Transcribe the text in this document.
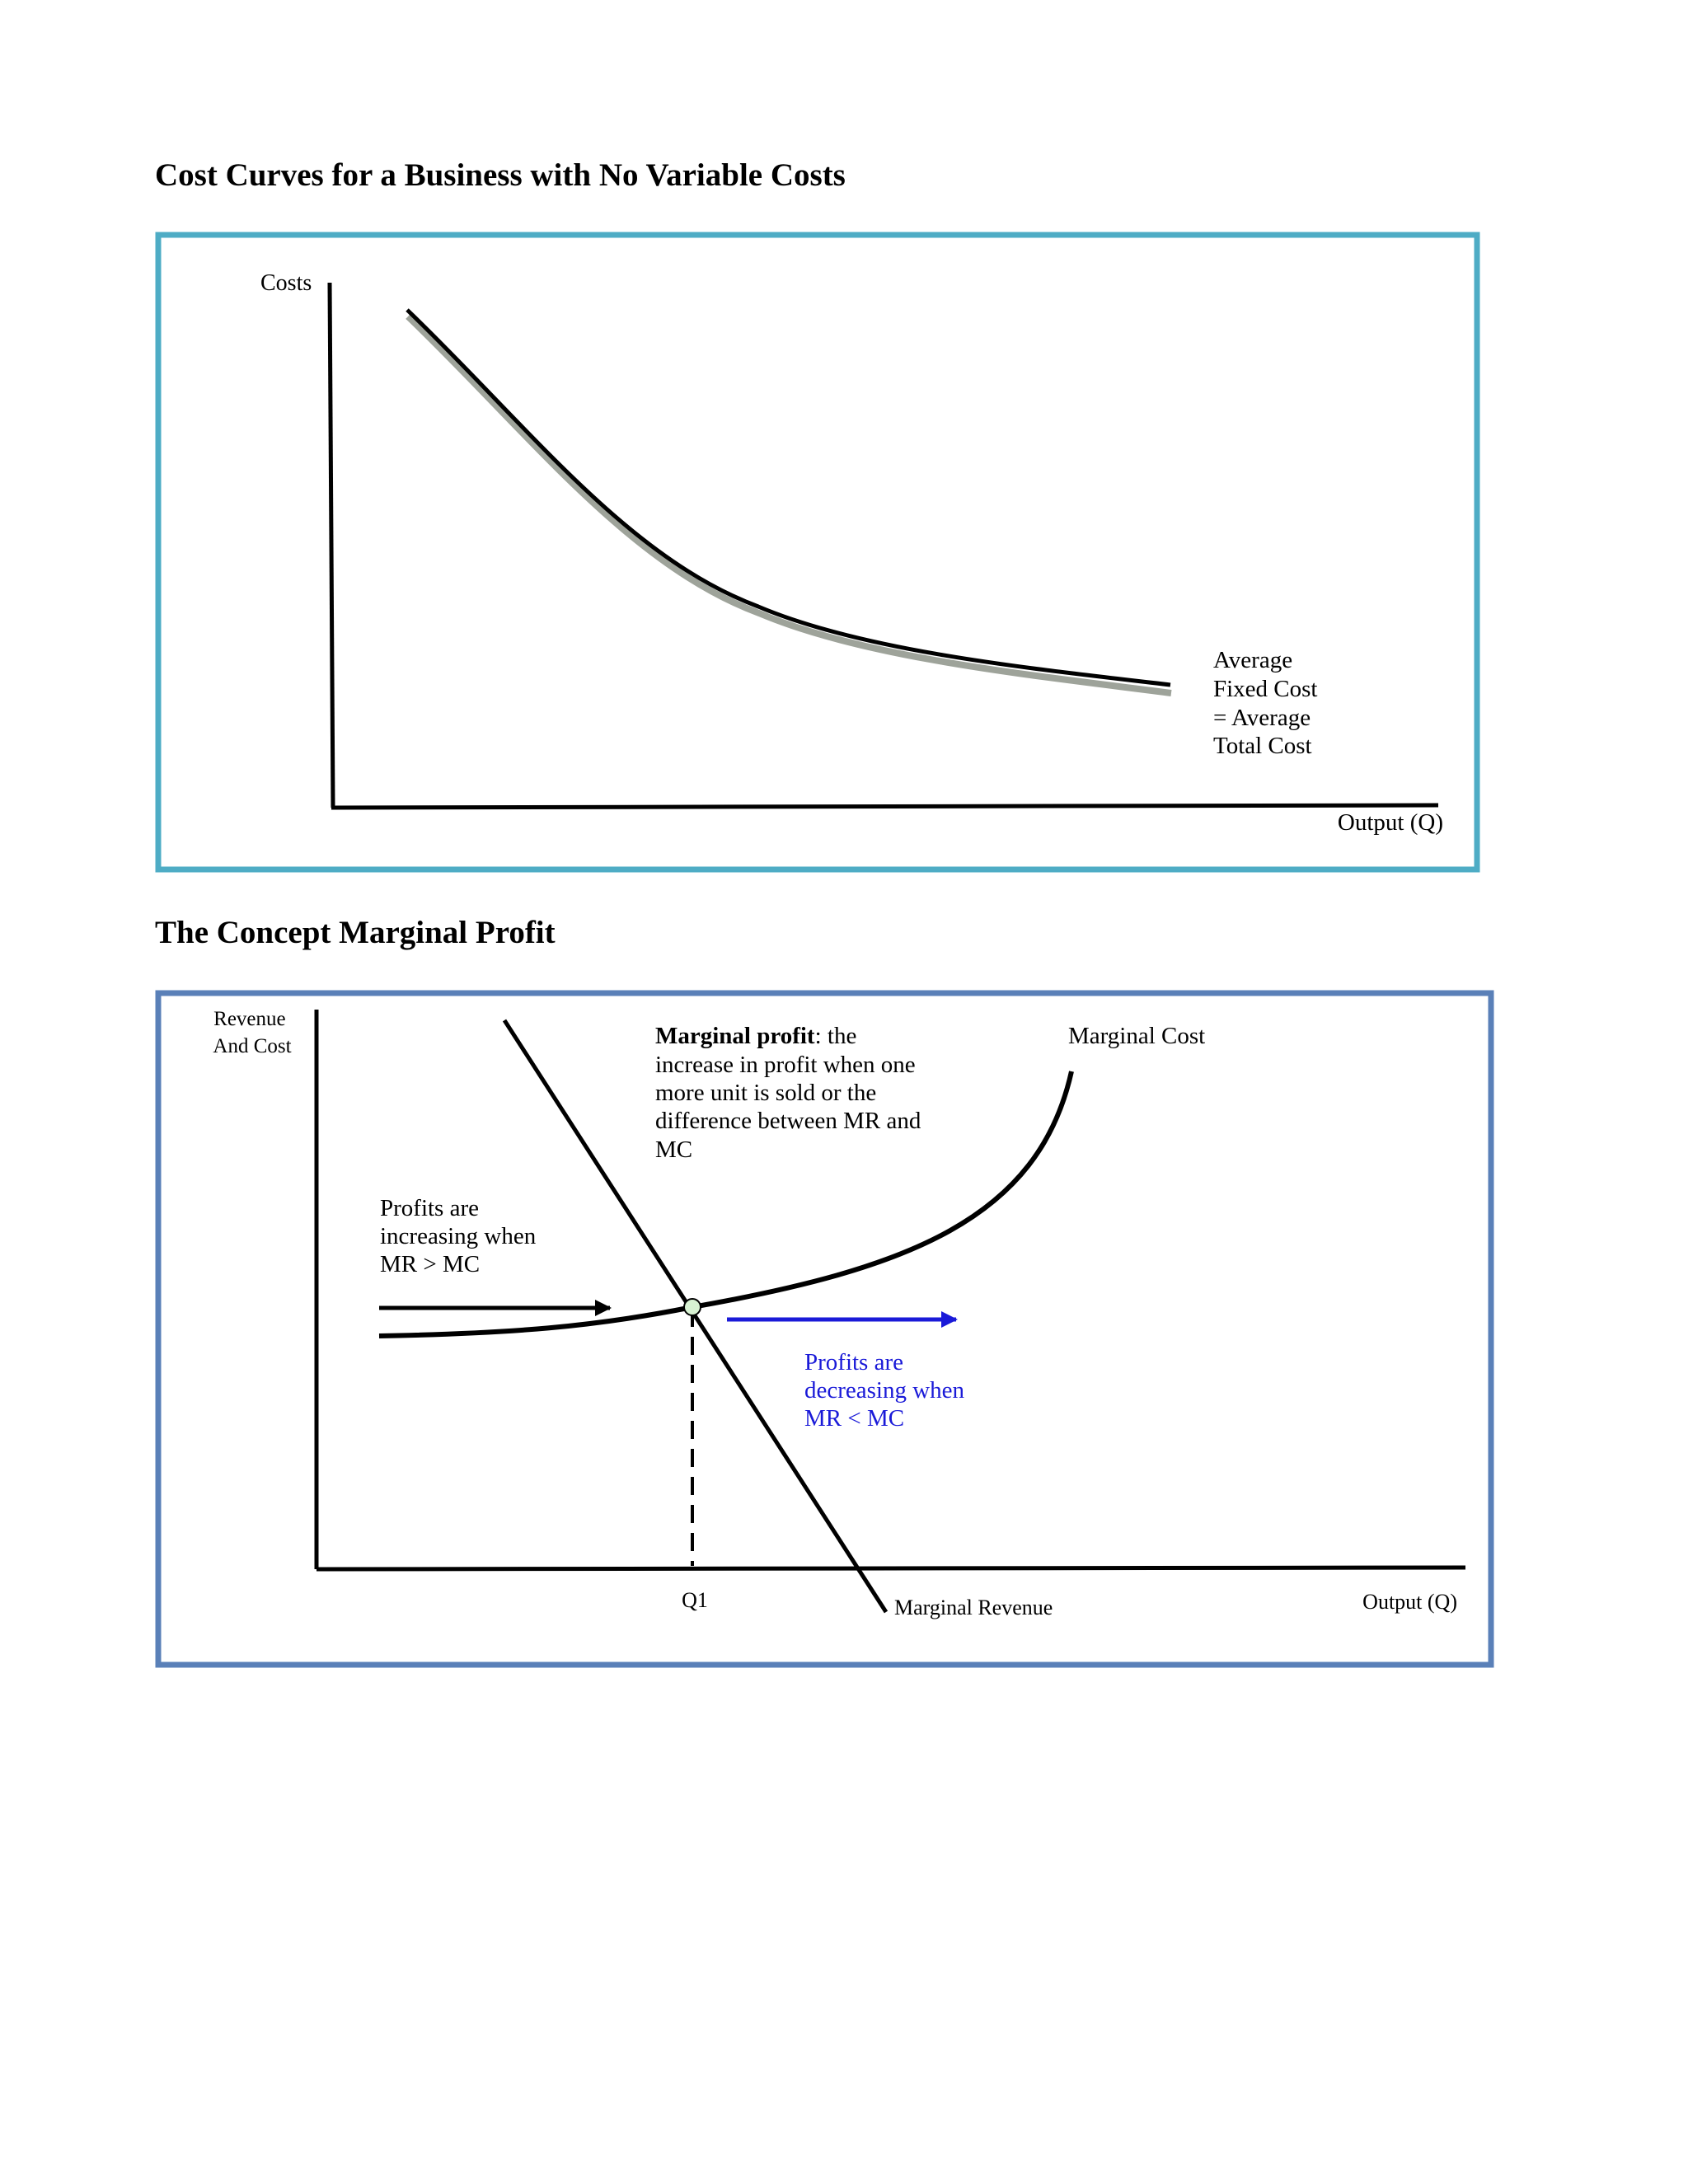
Cost Curves for a Business with No Variable Costs
The Concept Marginal Profit
Costs
Output (Q)
Average Fixed Cost = Average Total Cost
Revenue And Cost
Output (Q)
Marginal Revenue
Marginal Cost
Q1
Marginal profit: the increase in profit when one more unit is sold or the difference between MR and MC
Profits are increasing when MR > MC
Profits are decreasing when MR < MC
